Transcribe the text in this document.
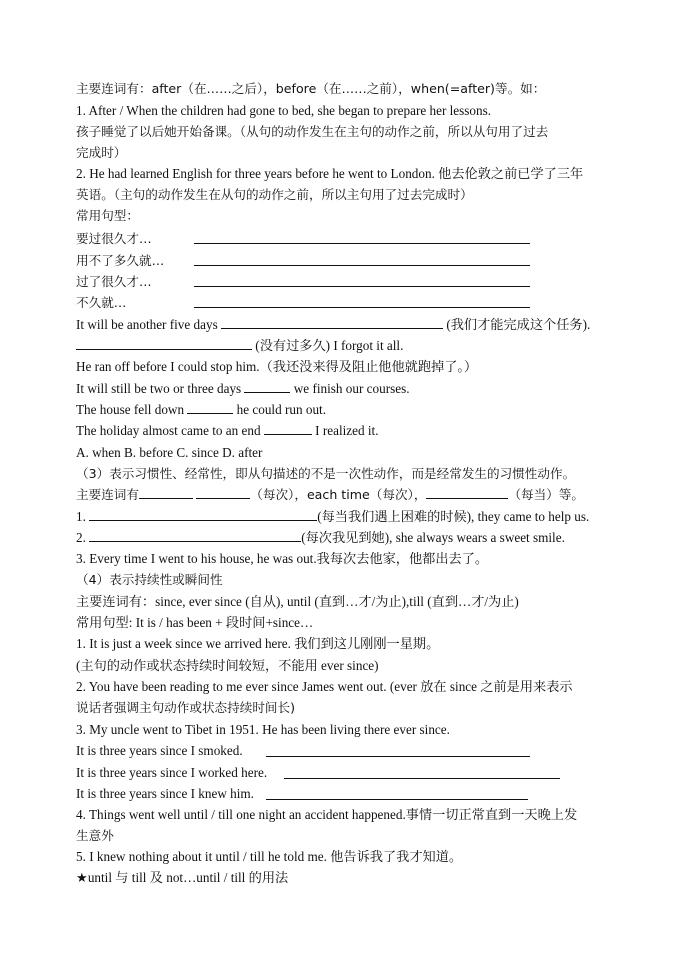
主要连词有：after（在……之后），before（在……之前），when(=after)等。如：
1. After / When the children had gone to bed, she began to prepare her lessons.
孩子睡觉了以后她开始备课。（从句的动作发生在主句的动作之前，所以从句用了过去
完成时）
2. He had learned English for three years before he went to London. 他去伦敦之前已学了三年
英语。（主句的动作发生在从句的动作之前，所以主句用了过去完成时）
常用句型：
要过很久才…
用不了多久就…
过了很久才…
不久就…
It will be another five days	(我们才能完成这个任务).
(没有过多久) I forgot it all.
He ran off before I could stop him.（我还没来得及阻止他他就跑掉了。）
It will still be two or three days	we finish our courses.
The house fell down	he could run out.
The holiday almost came to an end	I realized it.
A. when B. before C. since D. after
（3）表示习惯性、经常性，即从句描述的不是一次性动作，而是经常发生的习惯性动作。
主要连词有	（每次），each time（每次），	（每当）等。
1.	(每当我们遇上困难的时候), they came to help us.
2.	(每次我见到她), she always wears a sweet smile.
3. Every time I went to his house, he was out.我每次去他家，他都出去了。
（4）表示持续性或瞬间性
主要连词有：since, ever since (自从), until (直到…才/为止),till (直到…才/为止)
常用句型: It is / has been + 段时间+since…
1. It is just a week since we arrived here. 我们到这儿刚刚一星期。
(主句的动作或状态持续时间较短，不能用 ever since)
2. You have been reading to me ever since James went out. (ever 放在 since 之前是用来表示
说话者强调主句动作或状态持续时间长)
3. My uncle went to Tibet in 1951. He has been living there ever since.
It is three years since I smoked.
It is three years since I worked here.
It is three years since I knew him.
4. Things went well until / till one night an accident happened.事情一切正常直到一天晚上发
生意外
5. I knew nothing about it until / till he told me. 他告诉我了我才知道。
★until 与 till 及 not…until / till 的用法
